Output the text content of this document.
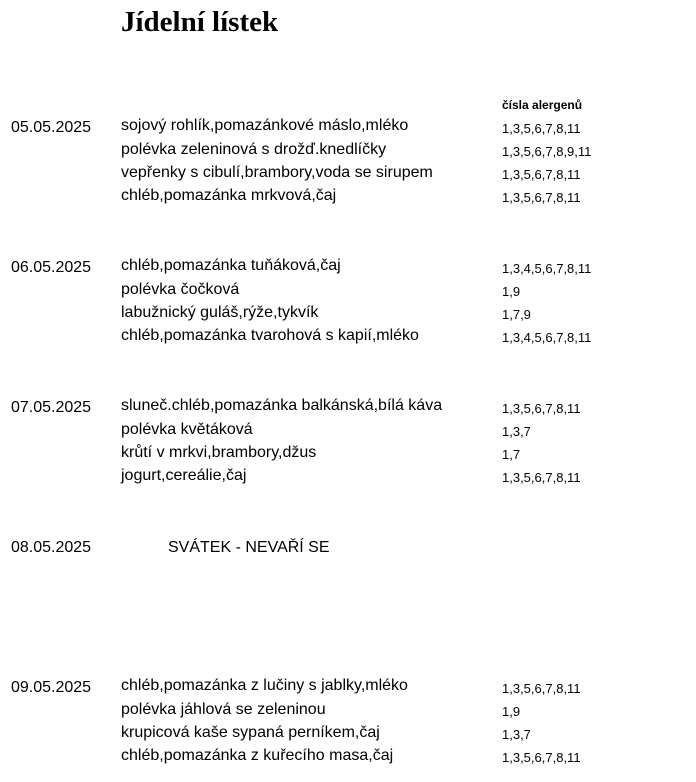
Jídelní lístek
čísla alergenů
05.05.2025 sojový rohlík,pomazánkové máslo,mléko	1,3,5,6,7,8,11
polévka zeleninová s drožď.knedlíčky	1,3,5,6,7,8,9,11
vepřenky s cibulí,brambory,voda se sirupem	1,3,5,6,7,8,11
chléb,pomazánka mrkvová,čaj	1,3,5,6,7,8,11
06.05.2025 chléb,pomazánka tuňáková,čaj	1,3,4,5,6,7,8,11
polévka čočková	1,9
labužnický guláš,rýže,tykvík	1,7,9
chléb,pomazánka tvarohová s kapií,mléko	1,3,4,5,6,7,8,11
07.05.2025 sluneč.chléb,pomazánka balkánská,bílá káva	1,3,5,6,7,8,11
polévka květáková	1,3,7
krůtí v mrkvi,brambory,džus	1,7
jogurt,cereálie,čaj	1,3,5,6,7,8,11
08.05.2025	SVÁTEK - NEVAŘÍ SE
09.05.2025 chléb,pomazánka z lučiny s jablky,mléko	1,3,5,6,7,8,11
polévka jáhlová se zeleninou	1,9
krupicová kaše sypaná perníkem,čaj	1,3,7
chléb,pomazánka z kuřecího masa,čaj	1,3,5,6,7,8,11
